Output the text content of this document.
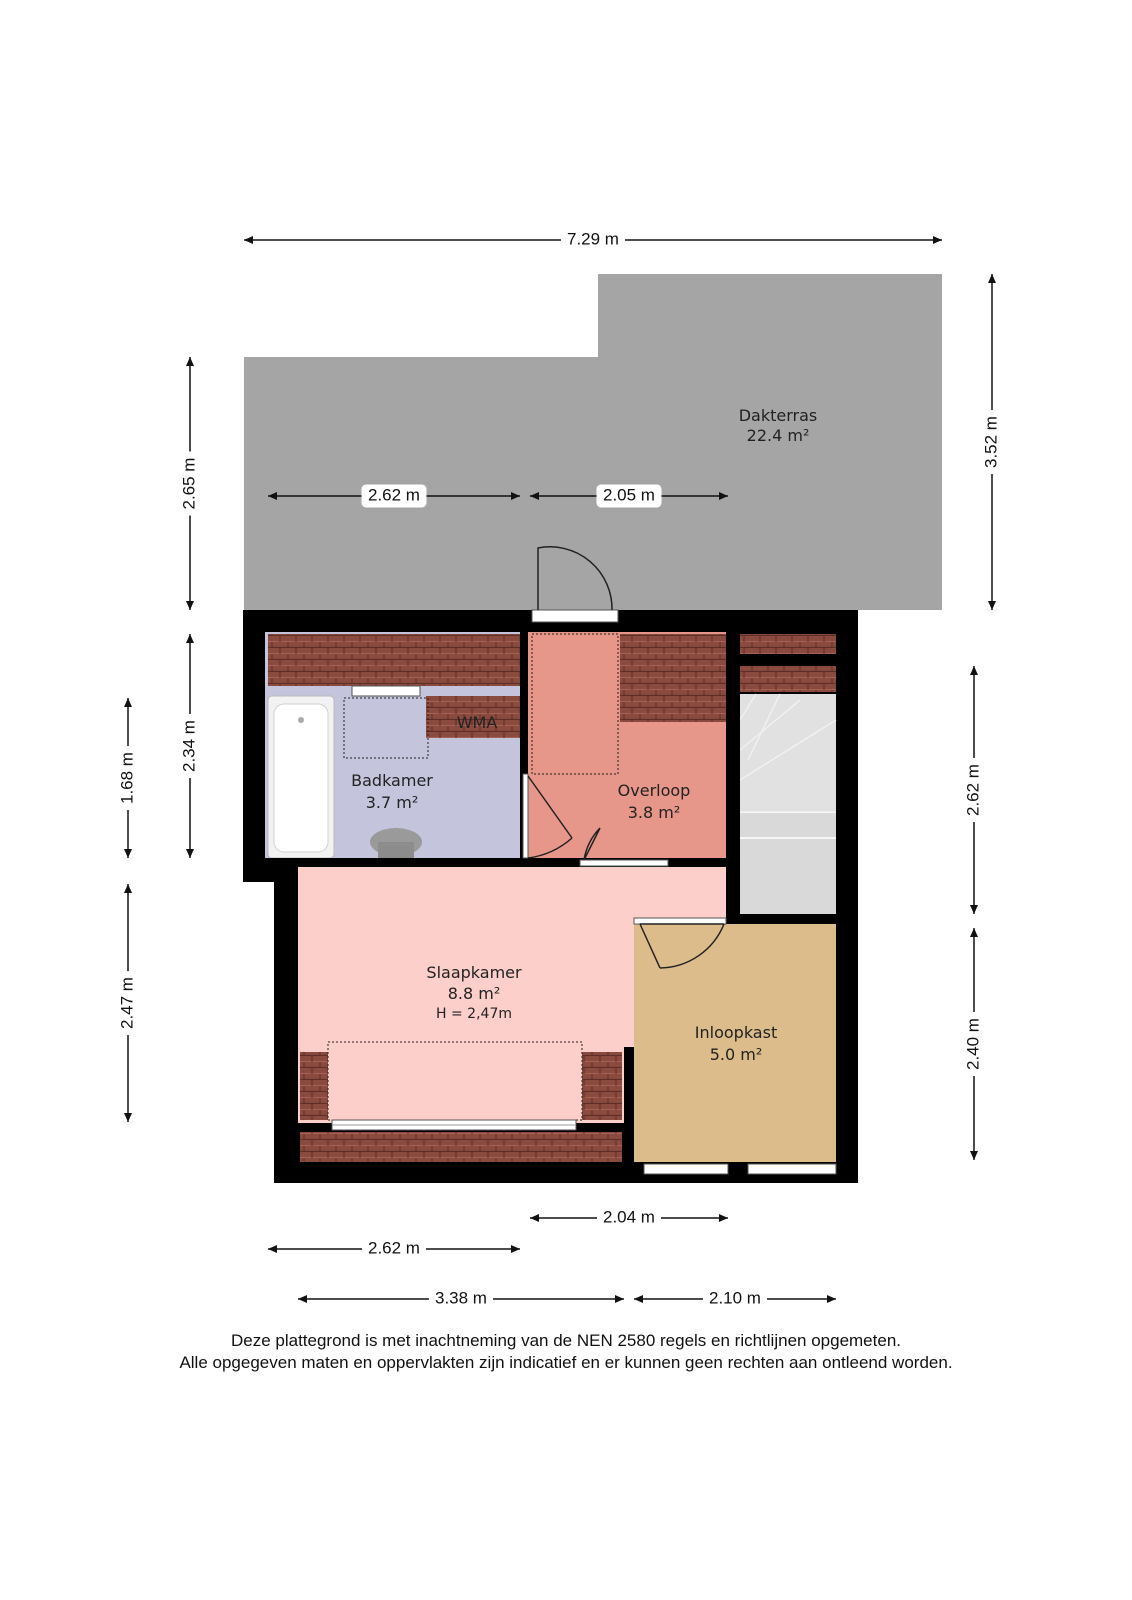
Dakterras
22.4 m²
WMA
Badkamer
3.7 m²
Overloop
3.8 m²
Slaapkamer
8.8 m²
H = 2,47m
Inloopkast
5.0 m²
7.29 m
3.52 m
2.65 m	2.62 m	2.05 m
1.68 m
2.34 m
2.47 m
2.62 m
2.40 m
2.04 m
2.62 m
3.38 m	2.10 m
Deze plattegrond is met inachtneming van de NEN 2580 regels en richtlijnen opgemeten.
Alle opgegeven maten en oppervlakten zijn indicatief en er kunnen geen rechten aan ontleend worden.
